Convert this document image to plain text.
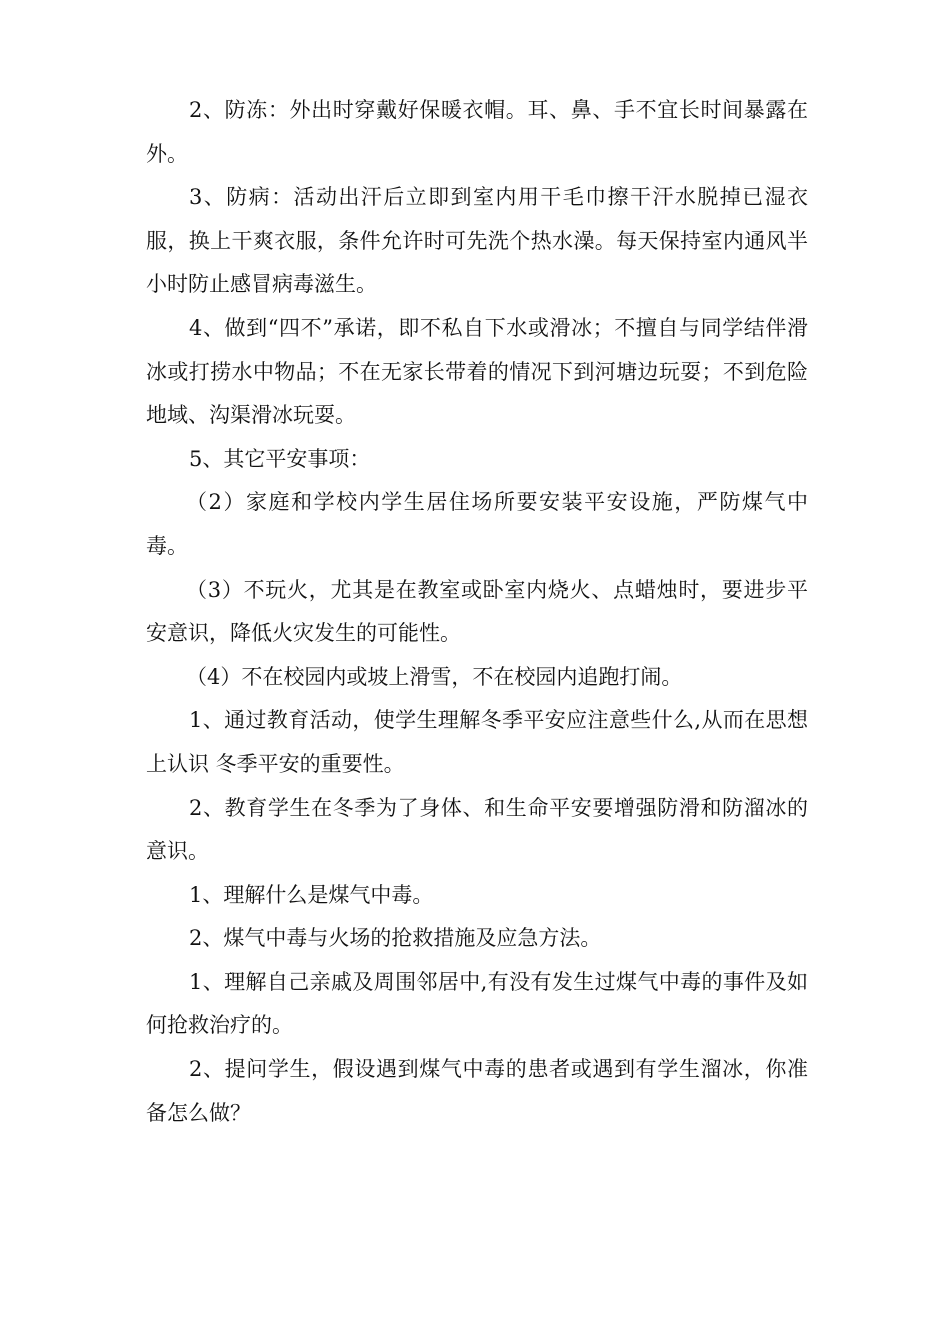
2、防冻：外出时穿戴好保暖衣帽。耳、鼻、手不宜长时间暴露在外。

3、防病：活动出汗后立即到室内用干毛巾擦干汗水脱掉已湿衣服，换上干爽衣服，条件允许时可先洗个热水澡。每天保持室内通风半小时防止感冒病毒滋生。

4、做到“四不”承诺，即不私自下水或滑冰；不擅自与同学结伴滑冰或打捞水中物品；不在无家长带着的情况下到河塘边玩耍；不到危险地域、沟渠滑冰玩耍。

5、其它平安事项：

（2）家庭和学校内学生居住场所要安装平安设施，严防煤气中毒。

（3）不玩火，尤其是在教室或卧室内烧火、点蜡烛时，要进步平安意识，降低火灾发生的可能性。

（4）不在校园内或坡上滑雪，不在校园内追跑打闹。

1、通过教育活动，使学生理解冬季平安应注意些什么,从而在思想上认识 冬季平安的重要性。

2、教育学生在冬季为了身体、和生命平安要增强防滑和防溜冰的意识。

1、理解什么是煤气中毒。

2、煤气中毒与火场的抢救措施及应急方法。

1、理解自己亲戚及周围邻居中,有没有发生过煤气中毒的事件及如何抢救治疗的。

2、提问学生，假设遇到煤气中毒的患者或遇到有学生溜冰，你准备怎么做？
